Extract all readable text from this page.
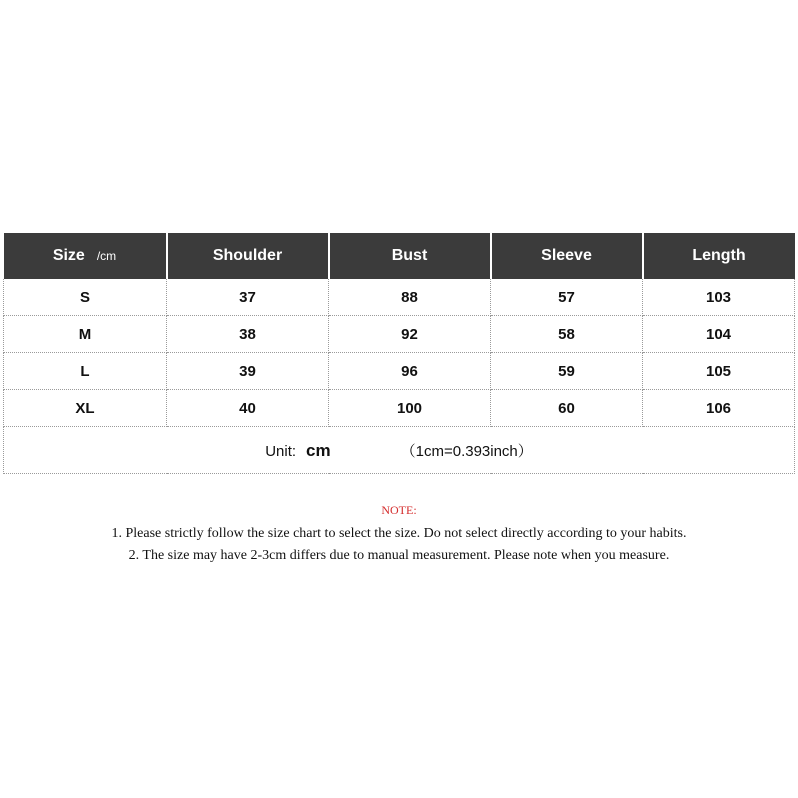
Size /cm	Shoulder	Bust	Sleeve	Length
S	37	88	57	103
M	38	92	58	104
L	39	96	59	105
XL	40	100	60	106
Unit: cm （1cm=0.393inch）				

NOTE:

1. Please strictly follow the size chart to select the size. Do not select directly according to your habits.

2. The size may have 2-3cm differs due to manual measurement. Please note when you measure.
